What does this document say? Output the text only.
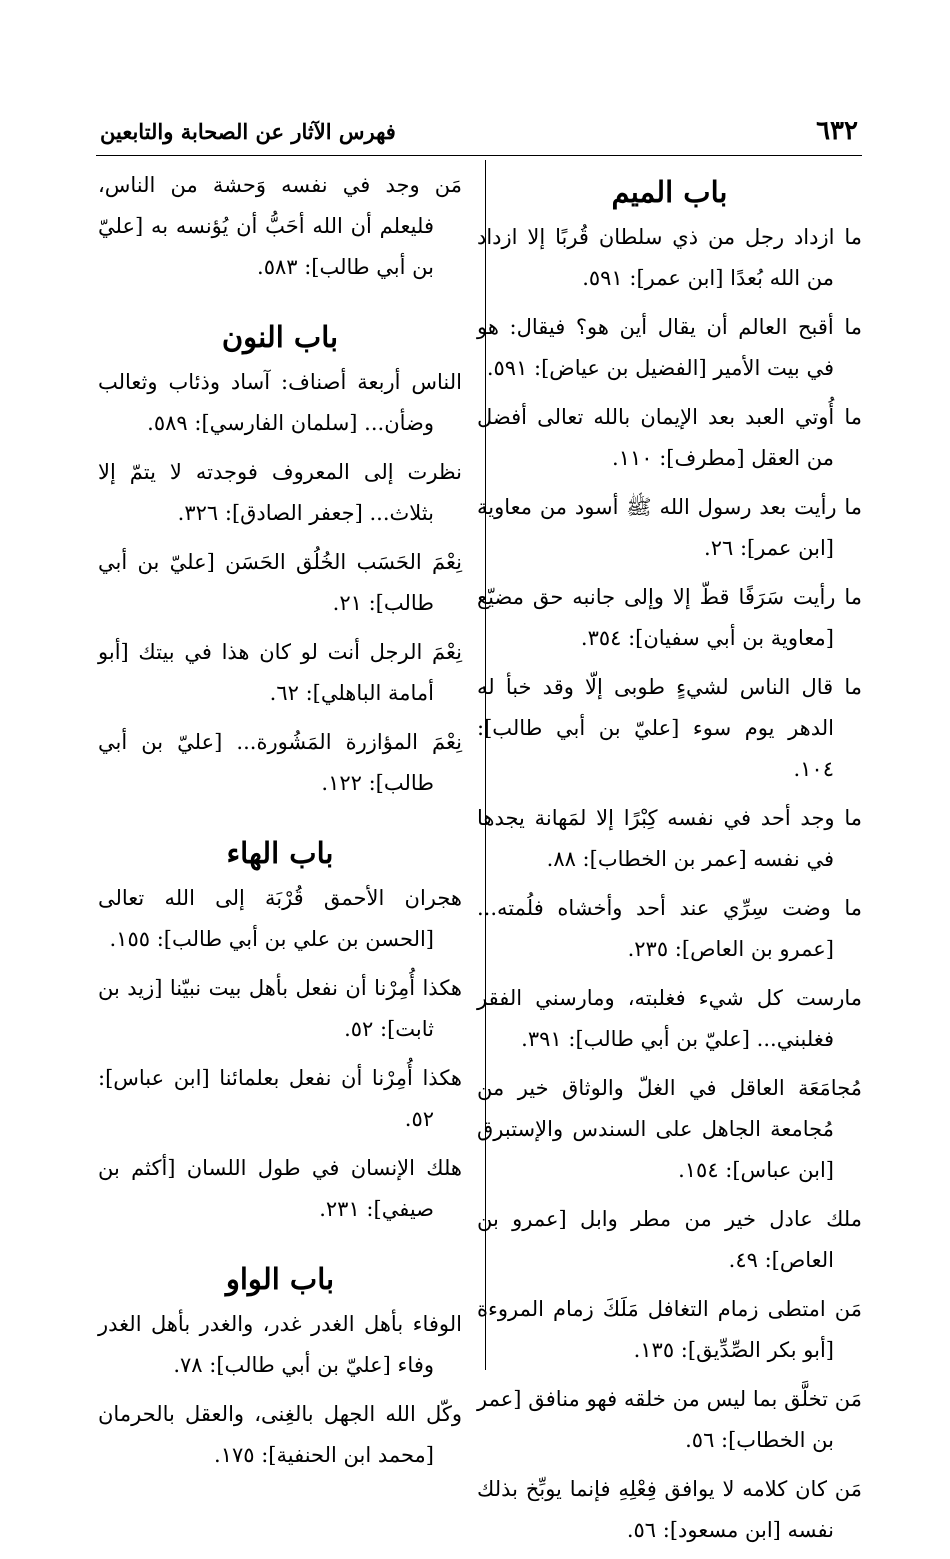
٦٣٢
فهرس الآثار عن الصحابة والتابعين
باب الميم
ما ازداد رجل من ذي سلطان قُربًا إلا ازداد من الله بُعدًا [ابن عمر]: ٥٩١.
ما أقبح العالم أن يقال أين هو؟ فيقال: هو في بيت الأمير [الفضيل بن عياض]: ٥٩١.
ما أُوتي العبد بعد الإيمان بالله تعالى أفضل من العقل [مطرف]: ١١٠.
ما رأيت بعد رسول الله ﷺ أسود من معاوية [ابن عمر]: ٢٦.
ما رأيت سَرَفًا قطّ إلا وإلى جانبه حق مضيّع [معاوية بن أبي سفيان]: ٣٥٤.
ما قال الناس لشيءٍ طوبى إلّا وقد خبأ له الدهر يوم سوء [عليّ بن أبي طالب]: ١٠٤.
ما وجد أحد في نفسه كِبْرًا إلا لمَهانة يجدها في نفسه [عمر بن الخطاب]: ٨٨.
ما وضت سِرِّي عند أحد وأخشاه فلُمته... [عمرو بن العاص]: ٢٣٥.
مارست كل شيء فغلبته، ومارسني الفقر فغلبني... [عليّ بن أبي طالب]: ٣٩١.
مُجامَعَة العاقل في الغلّ والوثاق خير من مُجامعة الجاهل على السندس والإستبرق [ابن عباس]: ١٥٤.
ملك عادل خير من مطر وابل [عمرو بن العاص]: ٤٩.
مَن امتطى زمام التغافل مَلَكَ زمام المروءة [أبو بكر الصِّدِّيق]: ١٣٥.
مَن تخلَّق بما ليس من خلقه فهو منافق [عمر بن الخطاب]: ٥٦.
مَن كان كلامه لا يوافق فِعْلِهِ فإنما يوبِّخ بذلك نفسه [ابن مسعود]: ٥٦.
مَن وجد في نفسه وَحشة من الناس، فليعلم أن الله أحَبُّ أن يُؤنسه به [عليّ بن أبي طالب]: ٥٨٣.
باب النون
الناس أربعة أصناف: آساد وذئاب وثعالب وضأن... [سلمان الفارسي]: ٥٨٩.
نظرت إلى المعروف فوجدته لا يتمّ إلا بثلاث... [جعفر الصادق]: ٣٢٦.
نِعْمَ الحَسَب الخُلُق الحَسَن [عليّ بن أبي طالب]: ٢١.
نِعْمَ الرجل أنت لو كان هذا في بيتك [أبو أمامة الباهلي]: ٦٢.
نِعْمَ المؤازرة المَشُورة... [عليّ بن أبي طالب]: ١٢٢.
باب الهاء
هجران الأحمق قُرْبَة إلى الله تعالى [الحسن بن علي بن أبي طالب]: ١٥٥.
هكذا أُمِرْنا أن نفعل بأهل بيت نبيّنا [زيد بن ثابت]: ٥٢.
هكذا أُمِرْنا أن نفعل بعلمائنا [ابن عباس]: ٥٢.
هلك الإنسان في طول اللسان [أكثم بن صيفي]: ٢٣١.
باب الواو
الوفاء بأهل الغدر غدر، والغدر بأهل الغدر وفاء [عليّ بن أبي طالب]: ٧٨.
وكّل الله الجهل بالغِنى، والعقل بالحرمان [محمد ابن الحنفية]: ١٧٥.
